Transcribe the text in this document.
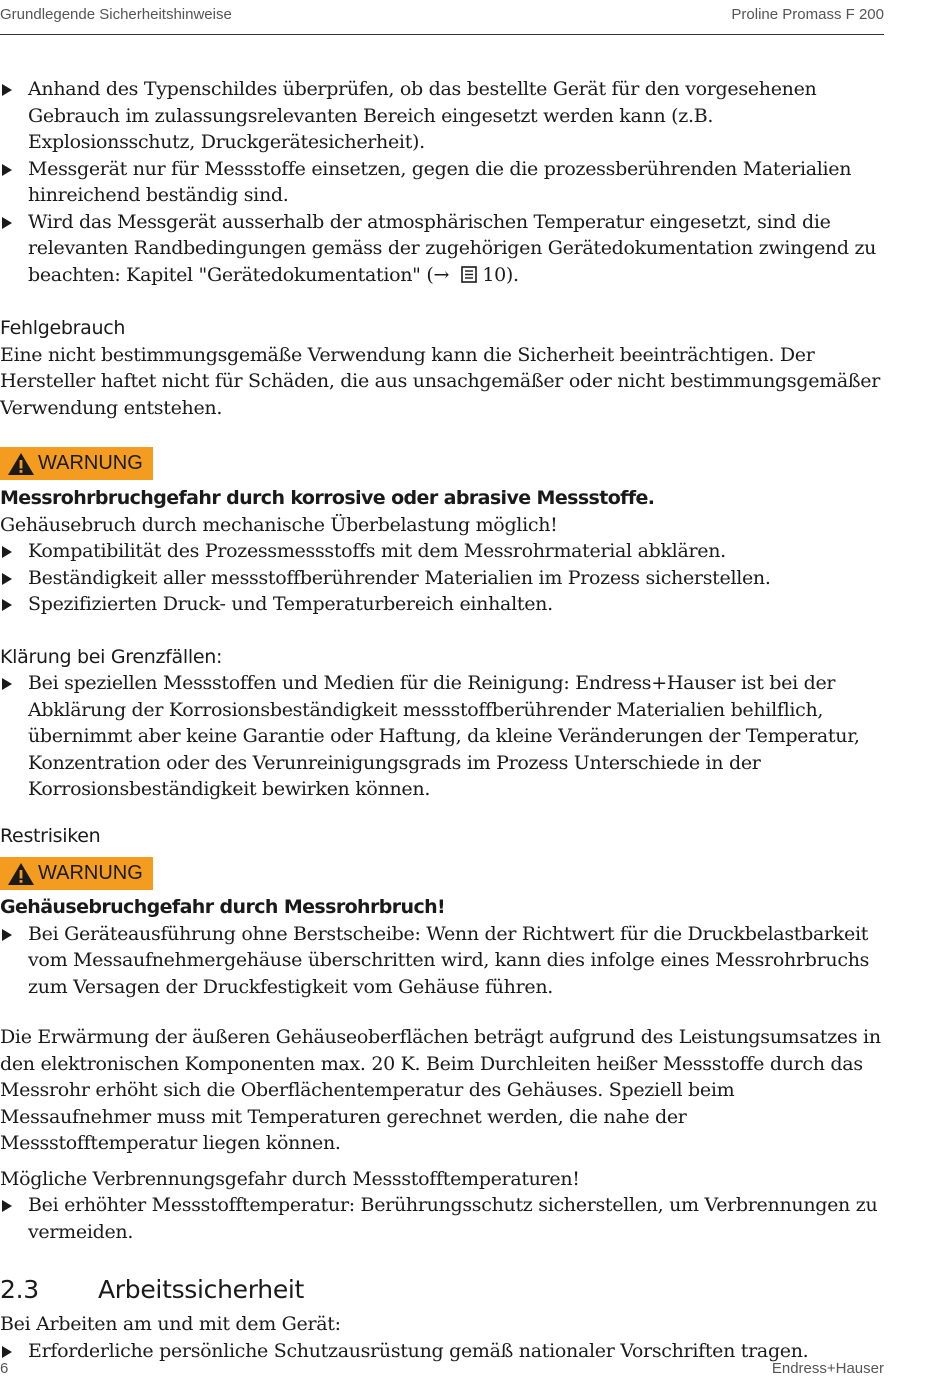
Grundlegende Sicherheitshinweise	Proline Promass F 200
Anhand des Typenschildes überprüfen, ob das bestellte Gerät für den vorgesehenen Gebrauch im zulassungsrelevanten Bereich eingesetzt werden kann (z.B. Explosionsschutz, Druckgerätesicherheit).
Messgerät nur für Messstoffe einsetzen, gegen die die prozessberührenden Materialien hinreichend beständig sind.
Wird das Messgerät ausserhalb der atmosphärischen Temperatur eingesetzt, sind die relevanten Randbedingungen gemäss der zugehörigen Gerätedokumentation zwingend zu beachten: Kapitel "Gerätedokumentation" (→ 10).
Fehlgebrauch

Eine nicht bestimmungsgemäße Verwendung kann die Sicherheit beeinträchtigen. Der Hersteller haftet nicht für Schäden, die aus unsachgemäßer oder nicht bestimmungsgemäßer Verwendung entstehen.

WARNUNG
Messrohrbruchgefahr durch korrosive oder abrasive Messstoffe.

Gehäusebruch durch mechanische Überbelastung möglich!

Kompatibilität des Prozessmessstoffs mit dem Messrohrmaterial abklären.
Beständigkeit aller messstoffberührender Materialien im Prozess sicherstellen.
Spezifizierten Druck- und Temperaturbereich einhalten.
Klärung bei Grenzfällen:
Bei speziellen Messstoffen und Medien für die Reinigung: Endress+Hauser ist bei der Abklärung der Korrosionsbeständigkeit messstoffberührender Materialien behilflich, übernimmt aber keine Garantie oder Haftung, da kleine Veränderungen der Temperatur, Konzentration oder des Verunreinigungsgrads im Prozess Unterschiede in der Korrosionsbeständigkeit bewirken können.
Restrisiken
WARNUNG
Gehäusebruchgefahr durch Messrohrbruch!
Bei Geräteausführung ohne Berstscheibe: Wenn der Richtwert für die Druckbelastbarkeit vom Messaufnehmergehäuse überschritten wird, kann dies infolge eines Messrohrbruchs zum Versagen der Druckfestigkeit vom Gehäuse führen.

Die Erwärmung der äußeren Gehäuseoberflächen beträgt aufgrund des Leistungsumsatzes in den elektronischen Komponenten max. 20 K. Beim Durchleiten heißer Messstoffe durch das Messrohr erhöht sich die Oberflächentemperatur des Gehäuses. Speziell beim Messaufnehmer muss mit Temperaturen gerechnet werden, die nahe der Messstofftemperatur liegen können.

Mögliche Verbrennungsgefahr durch Messstofftemperaturen!

Bei erhöhter Messstofftemperatur: Berührungsschutz sicherstellen, um Verbrennungen zu vermeiden.
2.3	Arbeitssicherheit

Bei Arbeiten am und mit dem Gerät:

Erforderliche persönliche Schutzausrüstung gemäß nationaler Vorschriften tragen.
6	Endress+Hauser
